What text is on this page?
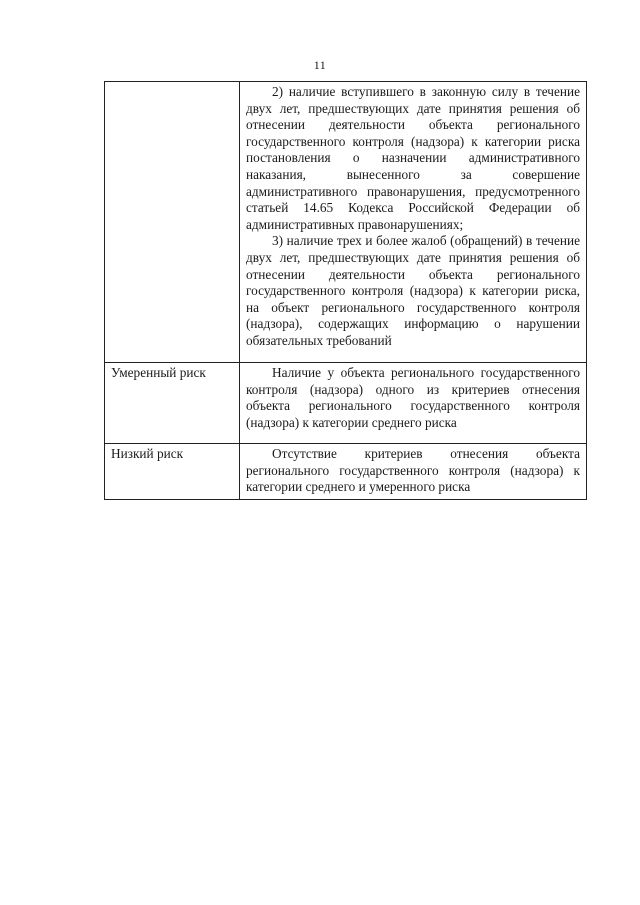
11

	2) наличие вступившего в законную силу в течение двух лет, предшествующих дате принятия решения об отнесении деятельности объекта регионального государственного контроля (надзора) к категории риска постановления о назначении административного наказания, вынесенного за совершение административного правонарушения, предусмотренного статьей 14.65 Кодекса Российской Федерации об административных правонарушениях;

3) наличие трех и более жалоб (обращений) в течение двух лет, предшествующих дате принятия решения об отнесении деятельности объекта регионального государственного контроля (надзора) к категории риска, на объект регионального государственного контроля (надзора), содержащих информацию о нарушении обязательных требований

Умеренный риск	Наличие у объекта регионального государственного контроля (надзора) одного из критериев отнесения объекта регионального государственного контроля (надзора) к категории среднего риска

Низкий риск	Отсутствие критериев отнесения объекта регионального государственного контроля (надзора) к категории среднего и умеренного риска
